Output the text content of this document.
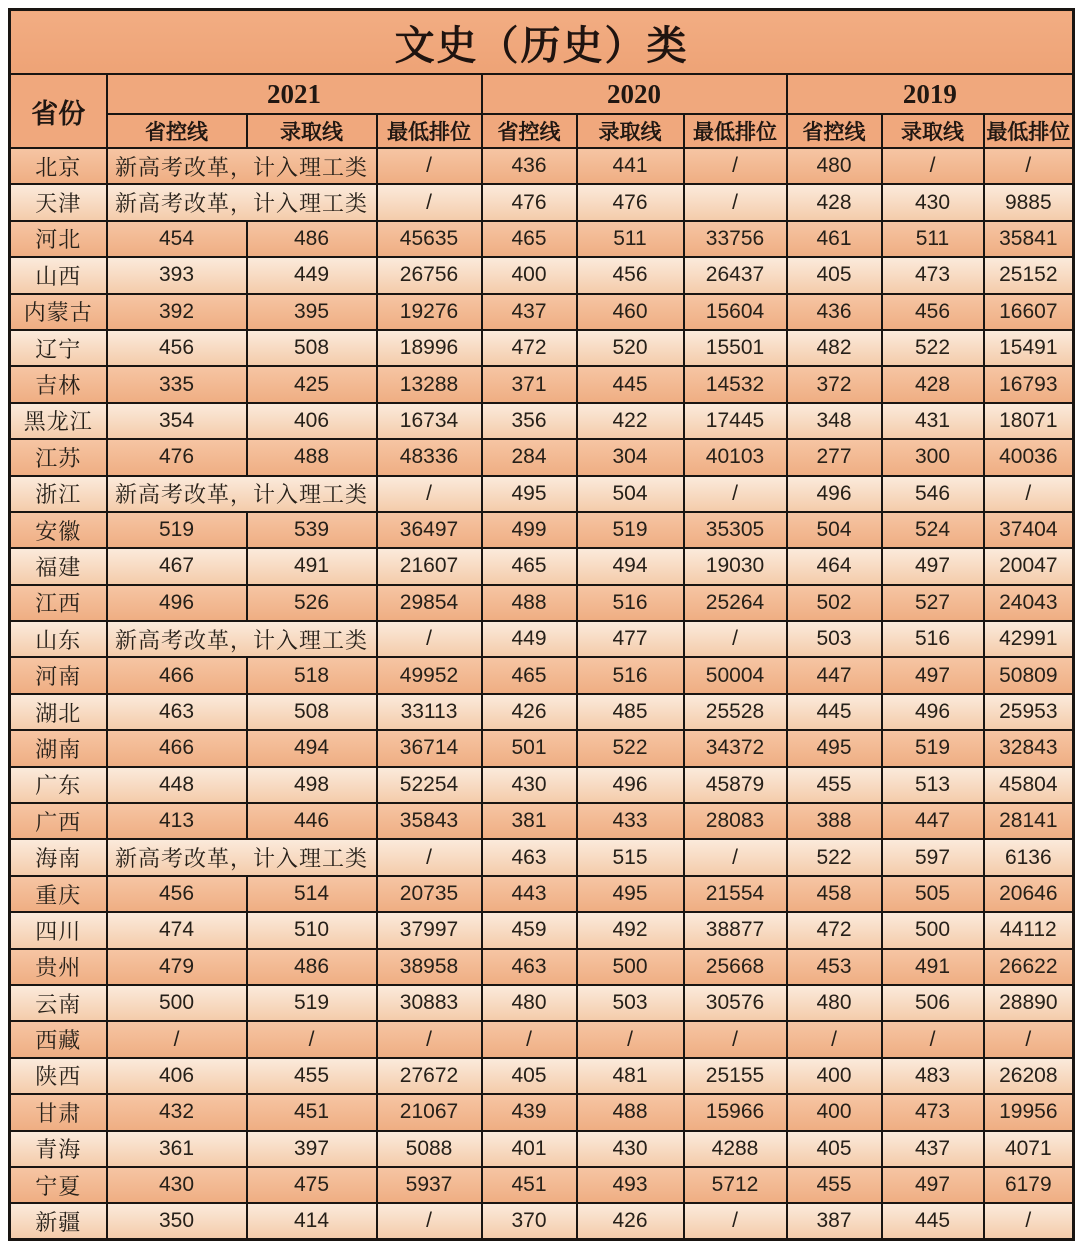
文史（历史）类									
省份	2021			2020			2019		
	省控线	录取线	最低排位	省控线	录取线	最低排位	省控线	录取线	最低排位
北京	新高考改革，计入理工类		/	436	441	/	480	/	/
天津	新高考改革，计入理工类		/	476	476	/	428	430	9885
河北	454	486	45635	465	511	33756	461	511	35841
山西	393	449	26756	400	456	26437	405	473	25152
内蒙古	392	395	19276	437	460	15604	436	456	16607
辽宁	456	508	18996	472	520	15501	482	522	15491
吉林	335	425	13288	371	445	14532	372	428	16793
黑龙江	354	406	16734	356	422	17445	348	431	18071
江苏	476	488	48336	284	304	40103	277	300	40036
浙江	新高考改革，计入理工类		/	495	504	/	496	546	/
安徽	519	539	36497	499	519	35305	504	524	37404
福建	467	491	21607	465	494	19030	464	497	20047
江西	496	526	29854	488	516	25264	502	527	24043
山东	新高考改革，计入理工类		/	449	477	/	503	516	42991
河南	466	518	49952	465	516	50004	447	497	50809
湖北	463	508	33113	426	485	25528	445	496	25953
湖南	466	494	36714	501	522	34372	495	519	32843
广东	448	498	52254	430	496	45879	455	513	45804
广西	413	446	35843	381	433	28083	388	447	28141
海南	新高考改革，计入理工类		/	463	515	/	522	597	6136
重庆	456	514	20735	443	495	21554	458	505	20646
四川	474	510	37997	459	492	38877	472	500	44112
贵州	479	486	38958	463	500	25668	453	491	26622
云南	500	519	30883	480	503	30576	480	506	28890
西藏	/	/	/	/	/	/	/	/	/
陕西	406	455	27672	405	481	25155	400	483	26208
甘肃	432	451	21067	439	488	15966	400	473	19956
青海	361	397	5088	401	430	4288	405	437	4071
宁夏	430	475	5937	451	493	5712	455	497	6179
新疆	350	414	/	370	426	/	387	445	/
